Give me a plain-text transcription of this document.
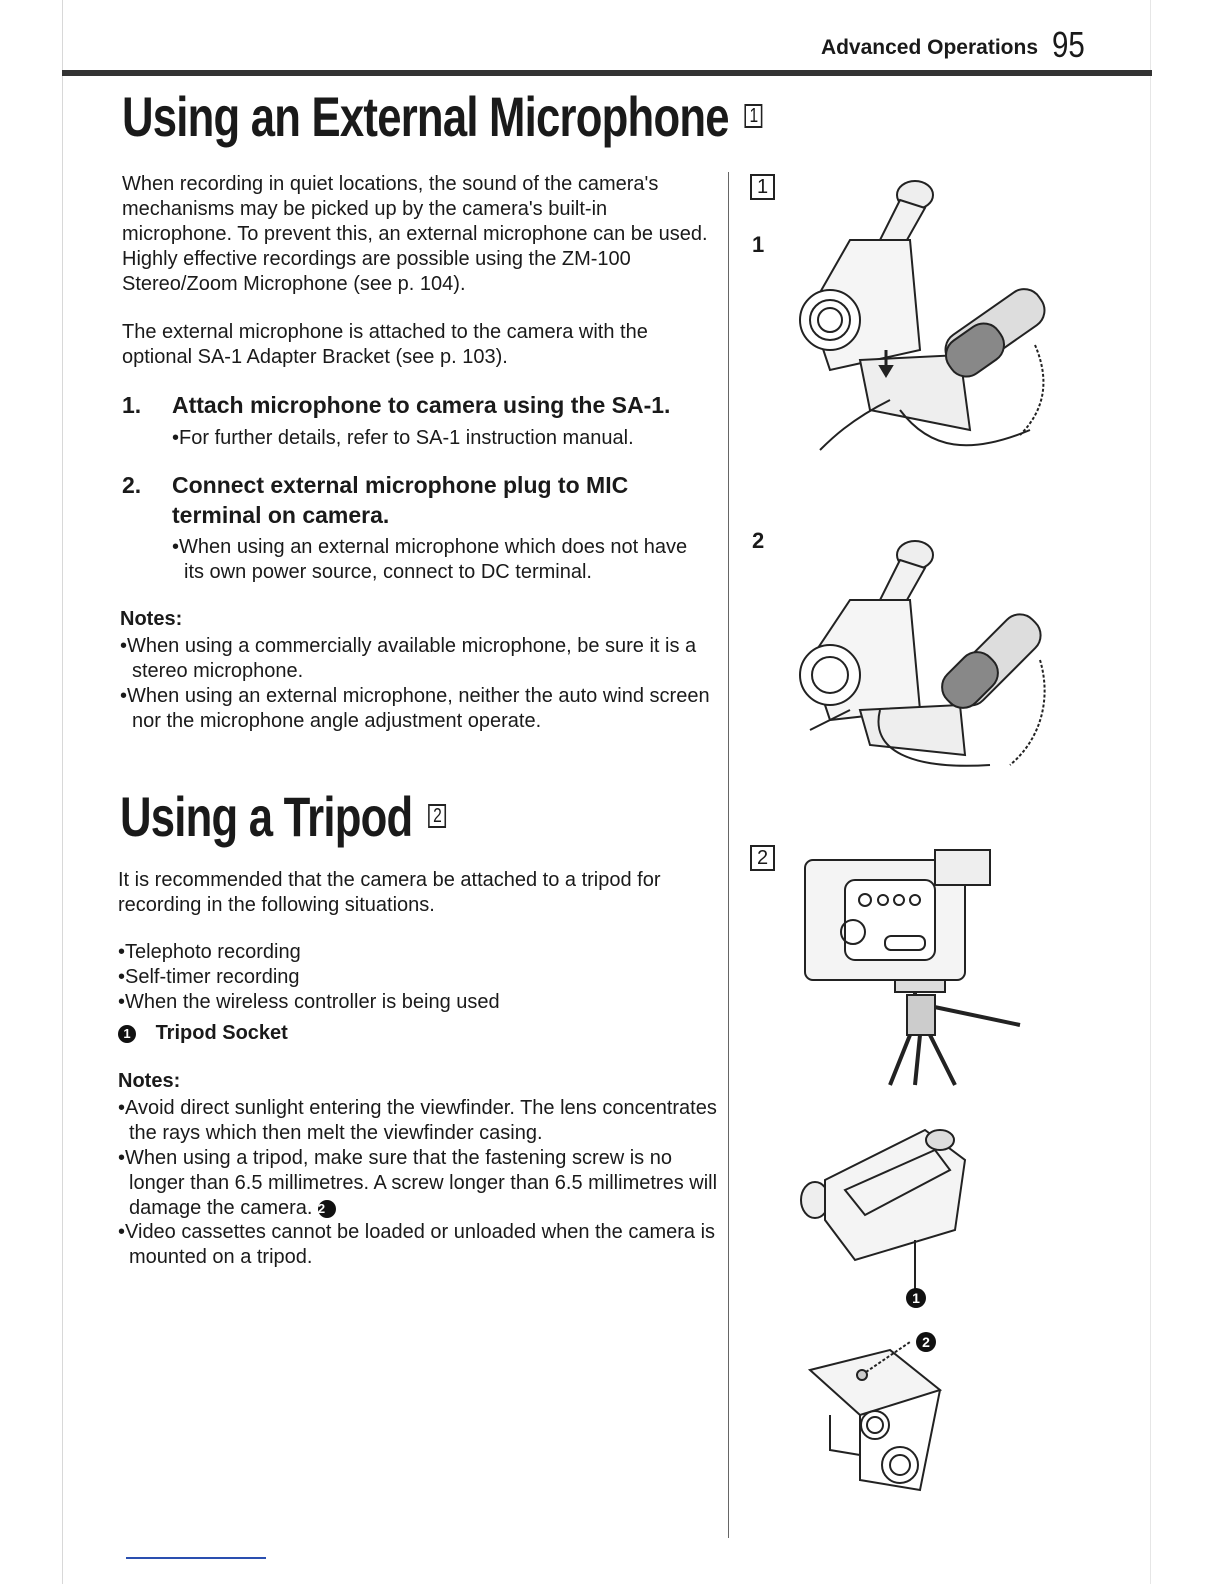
Advanced Operations 95
Using an External Microphone 1
When recording in quiet locations, the sound of the camera's mechanisms may be picked up by the camera's built-in microphone. To prevent this, an external microphone can be used. Highly effective recordings are possible using the ZM-100 Stereo/Zoom Microphone (see p. 104).
The external microphone is attached to the camera with the optional SA-1 Adapter Bracket (see p. 103).
1. Attach microphone to camera using the SA-1.
•For further details, refer to SA-1 instruction manual.
2. Connect external microphone plug to MIC terminal on camera.
•When using an external microphone which does not have its own power source, connect to DC terminal.
Notes:
•When using a commercially available microphone, be sure it is a stereo microphone.
•When using an external microphone, neither the auto wind screen nor the microphone angle adjustment operate.
Using a Tripod 2
It is recommended that the camera be attached to a tripod for recording in the following situations.
•Telephoto recording
•Self-timer recording
•When the wireless controller is being used
1 Tripod Socket
Notes:
•Avoid direct sunlight entering the viewfinder. The lens concentrates the rays which then melt the viewfinder casing.
•When using a tripod, make sure that the fastening screw is no longer than 6.5 millimetres. A screw longer than 6.5 millimetres will damage the camera. 2
•Video cassettes cannot be loaded or unloaded when the camera is mounted on a tripod.
1
1
2
2
1
2
